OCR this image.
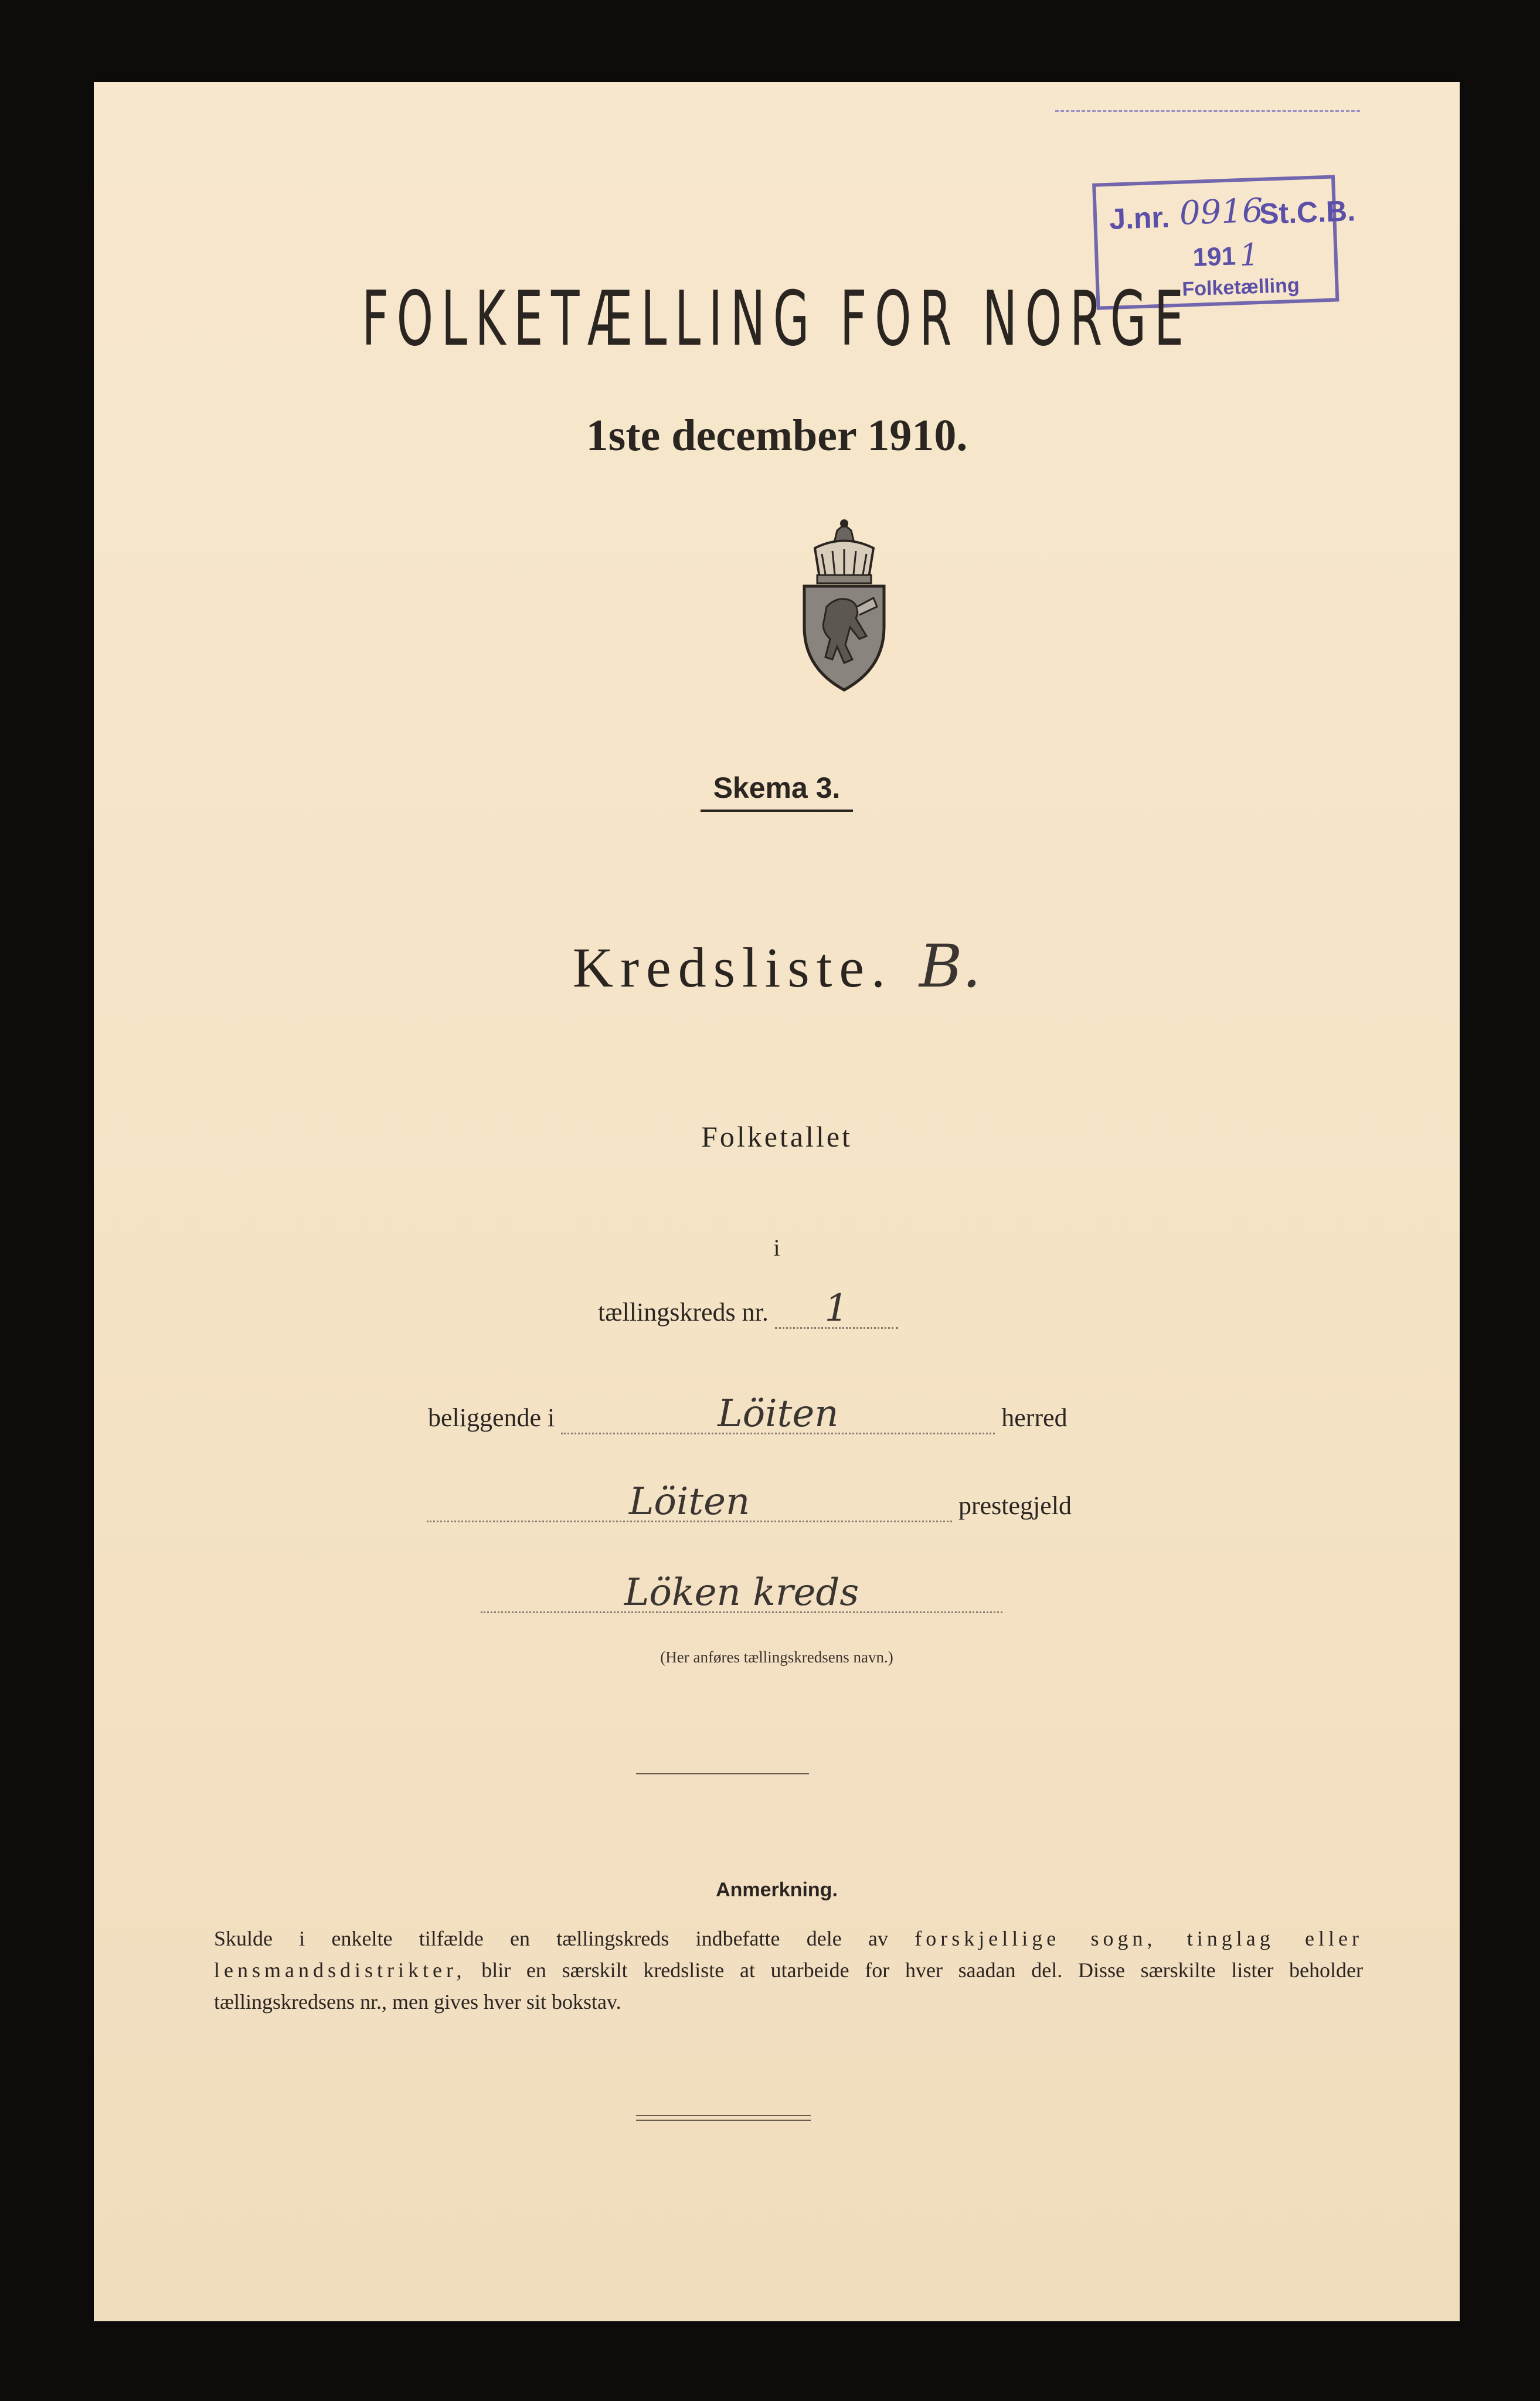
J.nr. 0916
St.C.B.
191 1
Folketælling
FOLKETÆLLING FOR NORGE
1ste december 1910.
Skema 3.
Kredsliste. B.
Folketallet
i
tællingskreds nr. 1
beliggende i	Löiten	herred
Löiten	prestegjeld
Löken kreds
(Her anføres tællingskredsens navn.)
Anmerkning.
Skulde i enkelte tilfælde en tællingskreds indbefatte dele av forskjellige sogn, tinglag eller lensmandsdistrikter, blir en særskilt kredsliste at utarbeide for hver saadan del. Disse særskilte lister beholder tællingskredsens nr., men gives hver sit bokstav.
